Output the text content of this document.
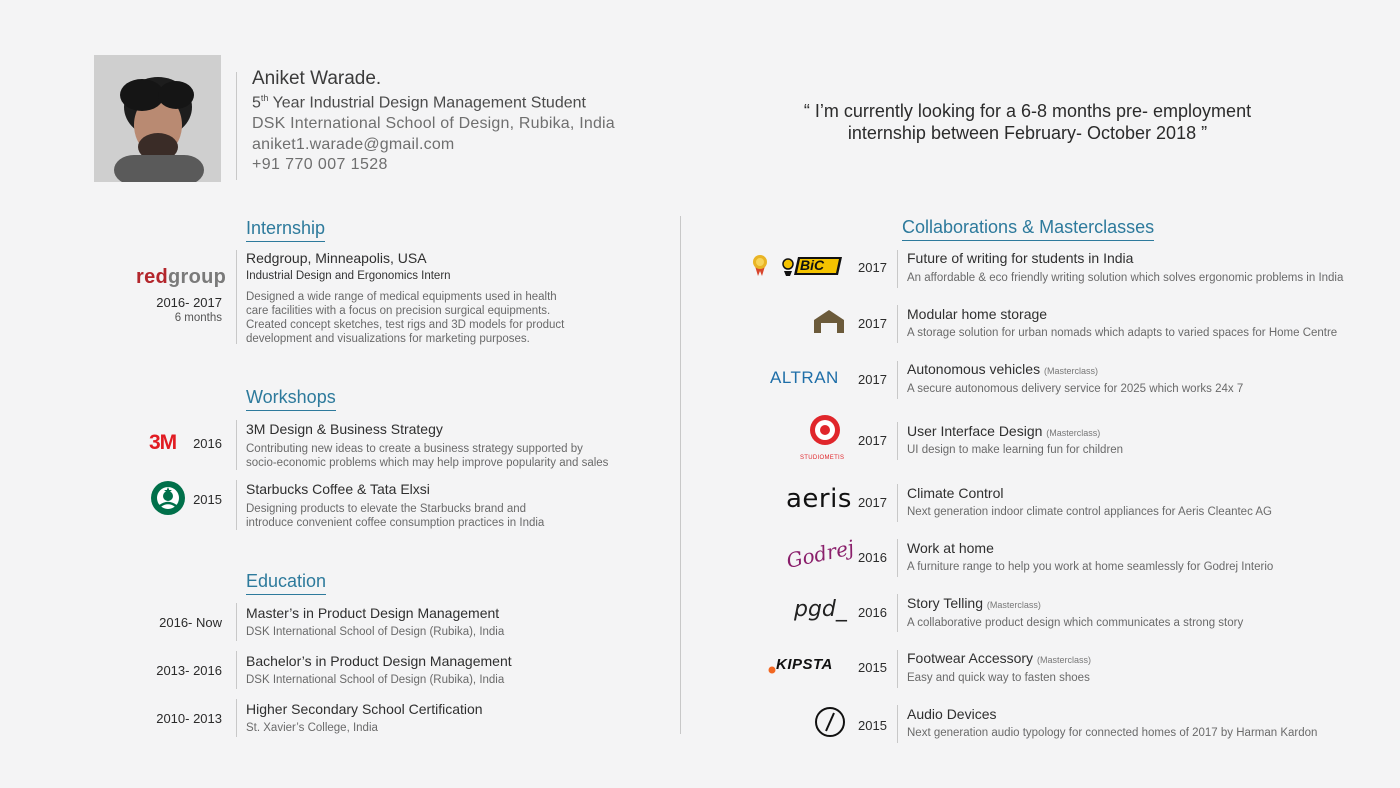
Aniket Warade.
5th Year Industrial Design Management Student
DSK International School of Design, Rubika, India
aniket1.warade@gmail.com
+91 770 007 1528
“ I’m currently looking for a 6-8 months pre- employment
internship between February- October 2018 ”
Internship
redgroup
2016- 2017
6 months
Redgroup, Minneapolis, USA
Industrial Design and Ergonomics Intern
Designed a wide range of medical equipments used in health
care facilities with a focus on precision surgical equipments.
Created concept sketches, test rigs and 3D models for product
development and visualizations for marketing purposes.
Workshops
3M 2016
3M Design & Business Strategy
Contributing new ideas to create a business strategy supported by
socio-economic problems which may help improve popularity and sales
2015
Starbucks Coffee & Tata Elxsi
Designing products to elevate the Starbucks brand and
introduce convenient coffee consumption practices in India
Education
2016- Now
Master’s in Product Design Management
DSK International School of Design (Rubika), India
2013- 2016
Bachelor’s in Product Design Management
DSK International School of Design (Rubika), India
2010- 2013
Higher Secondary School Certification
St. Xavier’s College, India
Collaborations & Masterclasses
BiC	2017
Future of writing for students in India
An affordable & eco friendly writing solution which solves ergonomic problems in India
2017
Modular home storage
A storage solution for urban nomads which adapts to varied spaces for Home Centre
ALTRAN 2017
Autonomous vehicles (Masterclass)
A secure autonomous delivery service for 2025 which works 24x 7
STUDIOMETIS
2017
User Interface Design (Masterclass)
UI design to make learning fun for children
aeris 2017
Climate Control
Next generation indoor climate control appliances for Aeris Cleantec AG
Godrej 2016
Work at home
A furniture range to help you work at home seamlessly for Godrej Interio
pgd_ 2016
Story Telling (Masterclass)
A collaborative product design which communicates a strong story
KIPSTA 2015
Footwear Accessory (Masterclass)
Easy and quick way to fasten shoes
2015
Audio Devices
Next generation audio typology for connected homes of 2017 by Harman Kardon
